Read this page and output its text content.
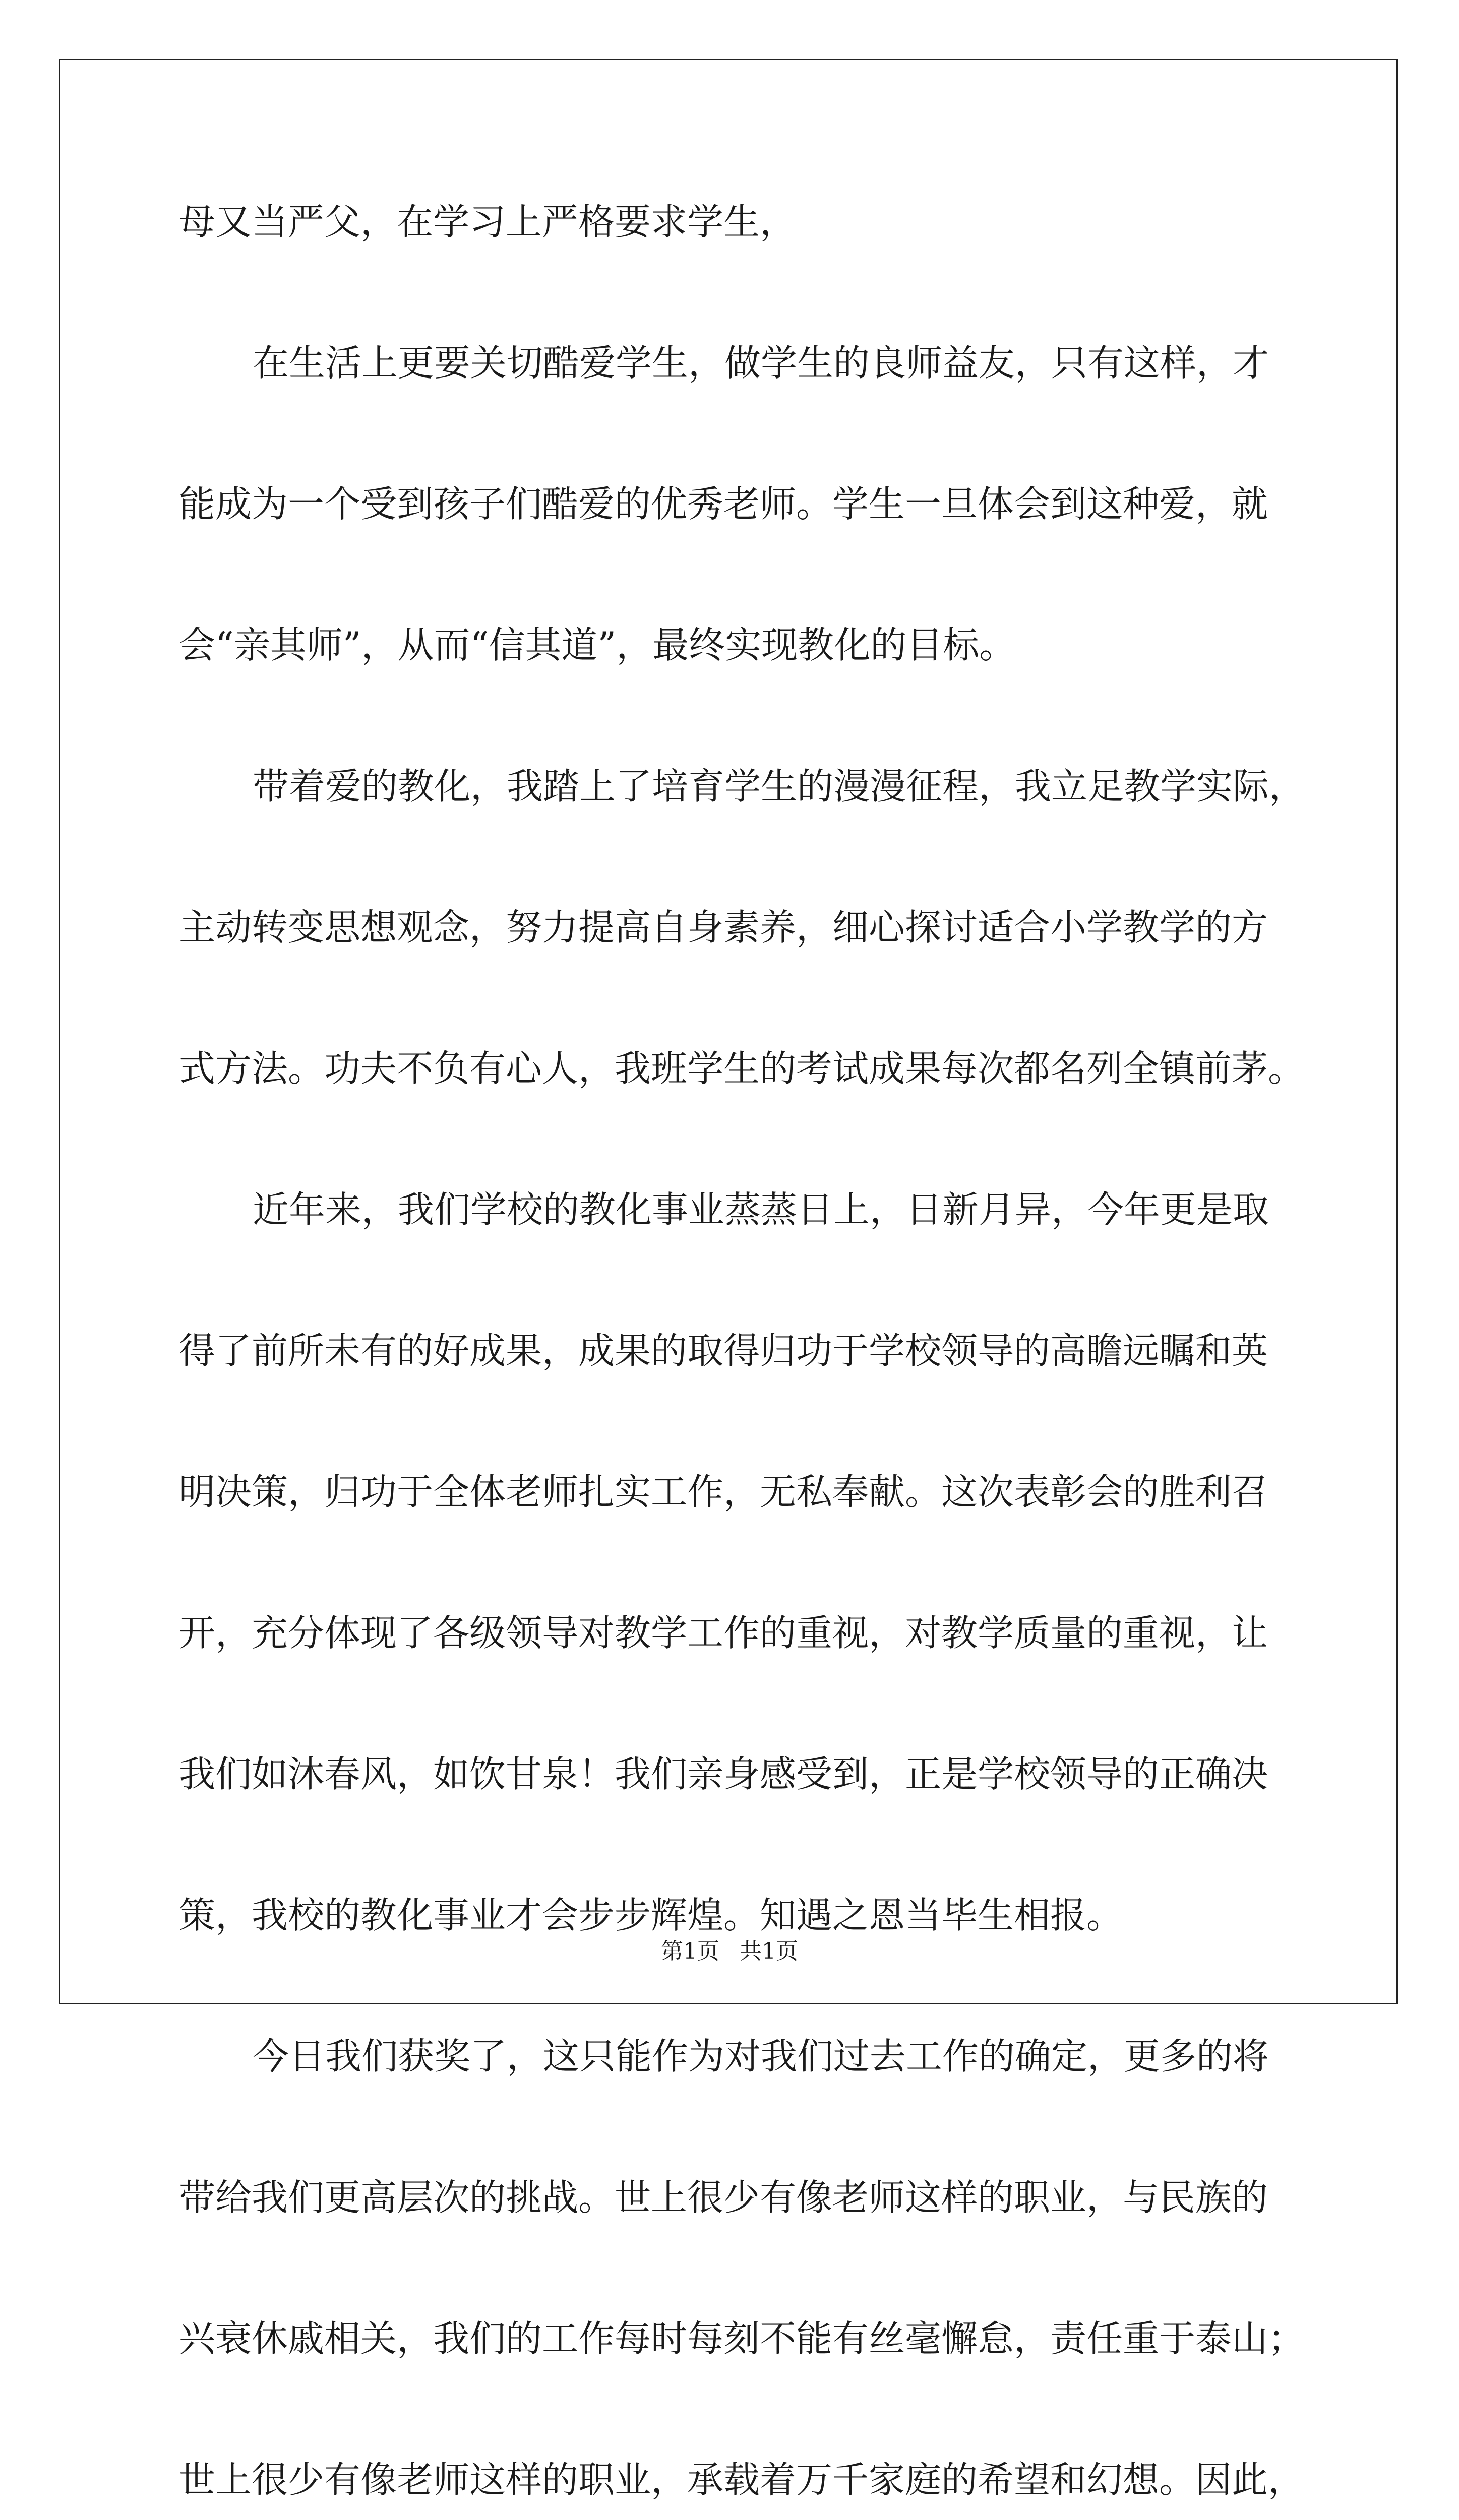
母又当严父，在学习上严格要求学生，
在生活上更要关切酷爱学生，做学生的良师益友，只有这样，才
能成为一个受到孩子们酷爱的优秀老师。学生一旦体会到这种爱，就
会“亲其师”，从而“信其道”，最终实现教化的目标。
带着爱的教化，我踏上了培育学生的漫漫征程，我立足教学实际，
主动转变思想观念，努力提高自身素养，细心探讨适合小学教学的方
式方法。功夫不负有心人，我班学生的考试成果每次都名列全镇前茅。
近年来，我们学校的教化事业蒸蒸日上，日新月异，今年更是取
得了前所未有的好成果，成果的取得归功于学校领导的高瞻远瞩和英
明决策，归功于全体老师扎实工作，无私奉献。这次表彰会的胜利召
开，充分体现了各级领导对教学工作的重视，对教学质量的重视，让
我们如沐春风，如饮甘泉！我们亲身感受到，正是学校领导的正确决
策，我校的教化事业才会步步辉煌。知遇之恩当毕生相报。
今日我们获奖了，这只能作为对我们过去工作的确定，更多的将
带给我们更高层次的挑战。世上很少有像老师这样的职业，与民族的
兴衰休戚相关，我们的工作每时每刻不能有丝毫懈怠，责任重于泰山；
世上很少有像老师这样的职业，承载着万千家庭的希望和幻想。因此，
第1页 共1页
